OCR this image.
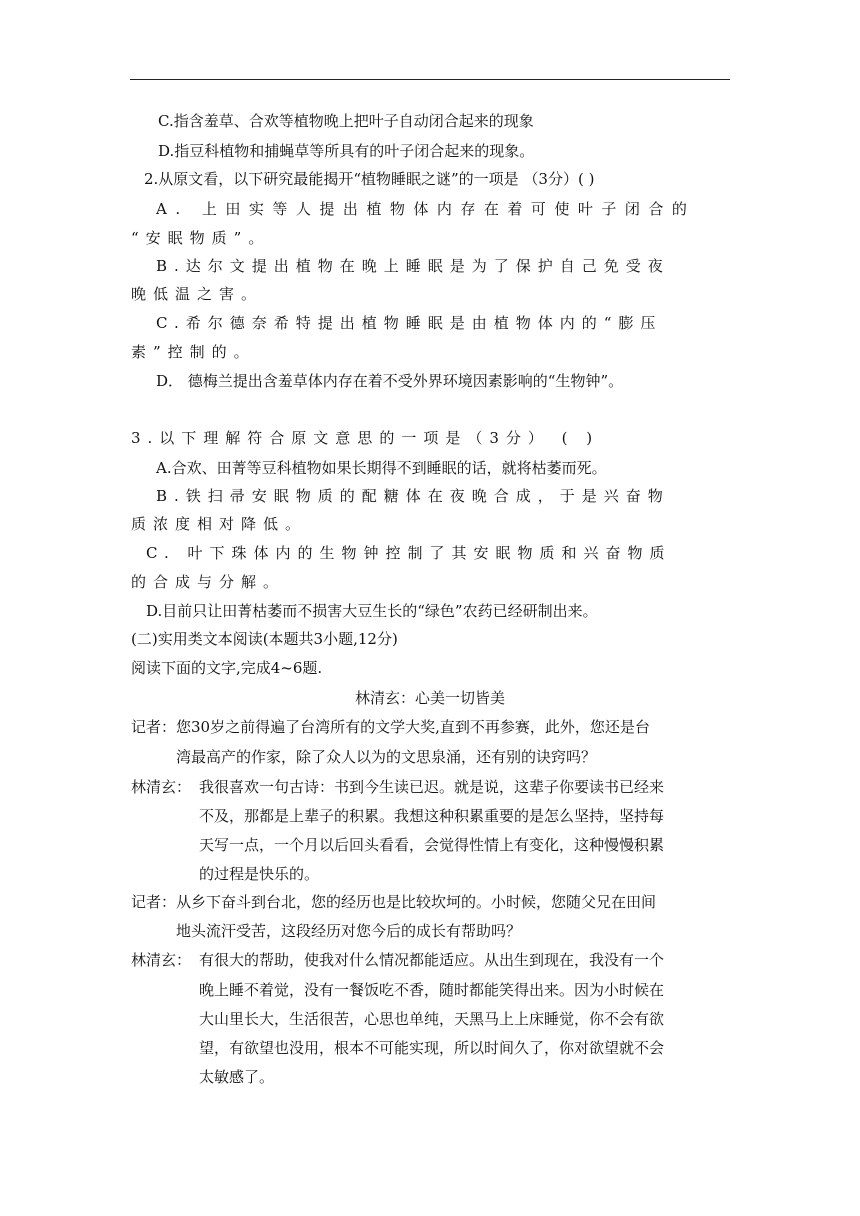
C.指含羞草、合欢等植物晚上把叶子自动闭合起来的现象
D.指豆科植物和捕蝇草等所具有的叶子闭合起来的现象。
2.从原文看，以下研究最能揭开“植物睡眠之谜”的一项是 （3分）( )
A. 上田实等人提出植物体内存在着可使叶子闭合的
“安眠物质”。
B.达尔文提出植物在晚上睡眠是为了保护自己免受夜
晚低温之害。
C.希尔德奈希特提出植物睡眠是由植物体内的“膨压
素”控制的。
D． 德梅兰提出含羞草体内存在着不受外界环境因素影响的“生物钟”。
3.以下理解符合原文意思的一项是（3分） ( )
A.合欢、田菁等豆科植物如果长期得不到睡眠的话，就将枯萎而死。
B.铁扫帚安眠物质的配糖体在夜晚合成，于是兴奋物
质浓度相对降低。
C. 叶下珠体内的生物钟控制了其安眠物质和兴奋物质
的合成与分解。
D.目前只让田菁枯萎而不损害大豆生长的“绿色”农药已经研制出来。
(二)实用类文本阅读(本题共3小题,12分)
阅读下面的文字,完成4~6题.
林清玄：心美一切皆美
记者： 您30岁之前得遍了台湾所有的文学大奖,直到不再参赛，此外，您还是台
湾最高产的作家，除了众人以为的文思泉涌，还有别的诀窍吗？
林清玄： 我很喜欢一句古诗：书到今生读已迟。就是说，这辈子你要读书已经来
不及，那都是上辈子的积累。我想这种积累重要的是怎么坚持，坚持每
天写一点，一个月以后回头看看，会觉得性情上有变化，这种慢慢积累
的过程是快乐的。
记者： 从乡下奋斗到台北，您的经历也是比较坎坷的。小时候，您随父兄在田间
地头流汗受苦，这段经历对您今后的成长有帮助吗？
林清玄： 有很大的帮助，使我对什么情况都能适应。从出生到现在，我没有一个
晚上睡不着觉，没有一餐饭吃不香，随时都能笑得出来。因为小时候在
大山里长大，生活很苦，心思也单纯，天黑马上上床睡觉，你不会有欲
望，有欲望也没用，根本不可能实现，所以时间久了，你对欲望就不会
太敏感了。
